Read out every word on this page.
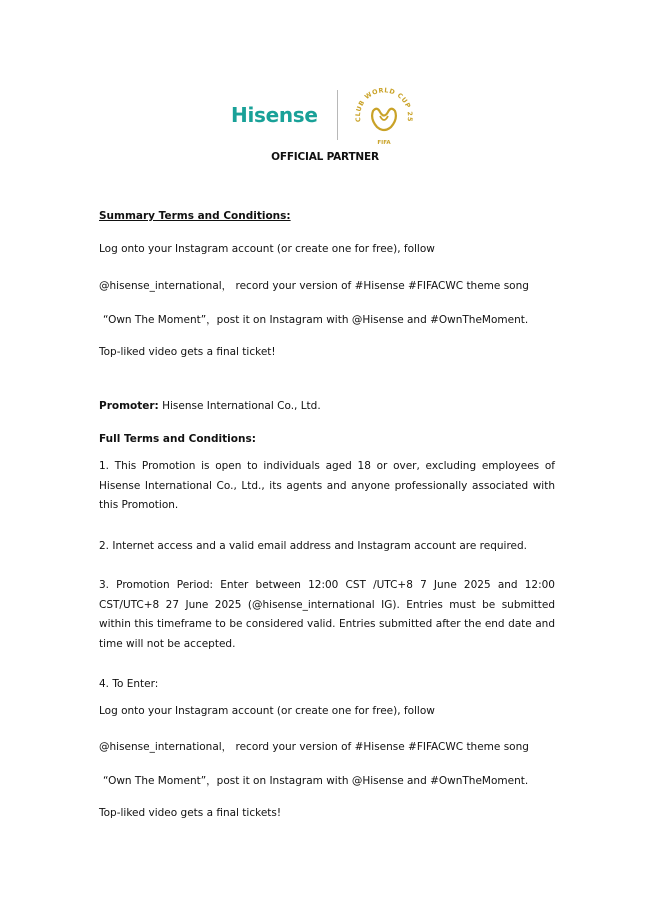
Hisense	CLUB WORLD CUP 25
FIFA
OFFICIAL PARTNER
Summary Terms and Conditions:
Log onto your Instagram account (or create one for free), follow
@hisense_international， record your version of #Hisense #FIFACWC theme song
“Own The Moment”，post it on Instagram with @Hisense and #OwnTheMoment.
Top-liked video gets a final ticket!
Promoter: Hisense International Co., Ltd.
Full Terms and Conditions:
1. This Promotion is open to individuals aged 18 or over, excluding employees of Hisense International Co., Ltd., its agents and anyone professionally associated with this Promotion.
2. Internet access and a valid email address and Instagram account are required.
3. Promotion Period: Enter between 12:00 CST /UTC+8 7 June 2025 and 12:00 CST/UTC+8 27 June 2025 (@hisense_international IG). Entries must be submitted within this timeframe to be considered valid. Entries submitted after the end date and time will not be accepted.
4. To Enter:
Log onto your Instagram account (or create one for free), follow
@hisense_international， record your version of #Hisense #FIFACWC theme song
“Own The Moment”，post it on Instagram with @Hisense and #OwnTheMoment.
Top-liked video gets a final tickets!
